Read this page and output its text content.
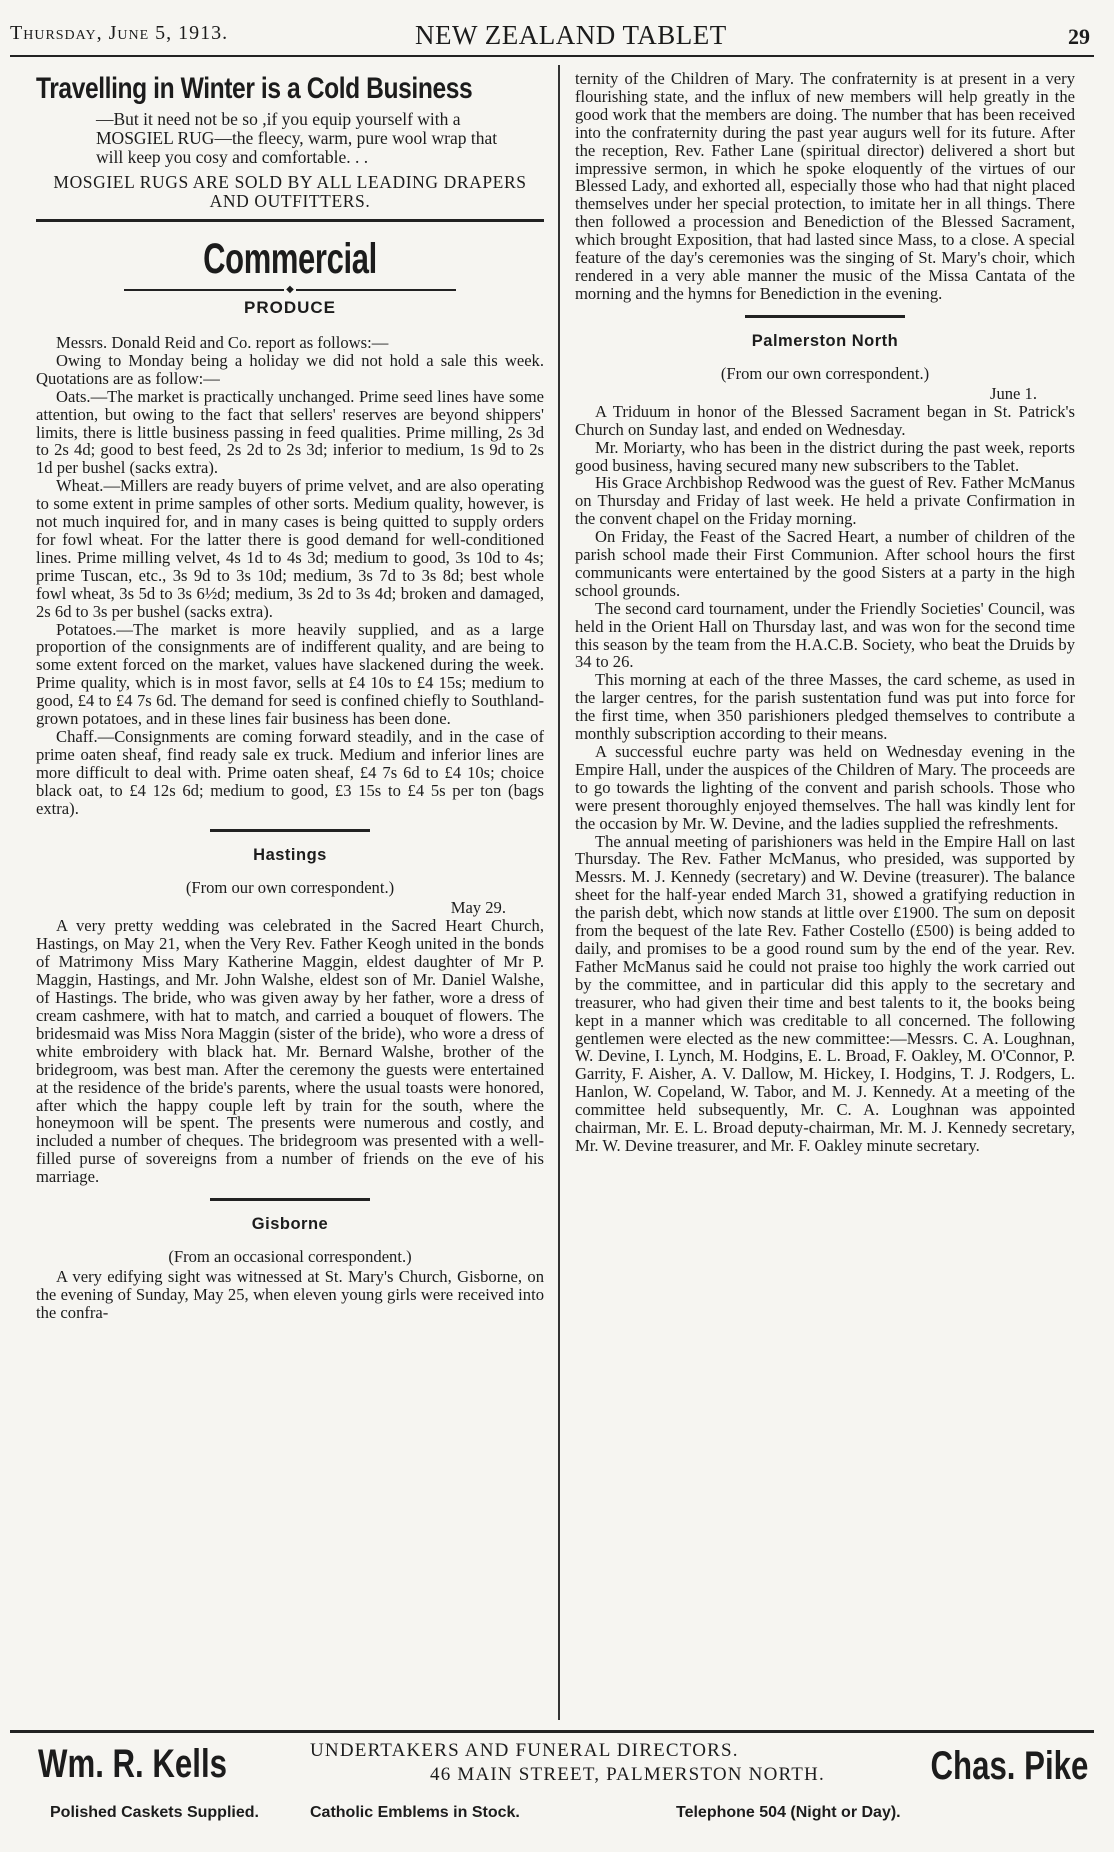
Thursday, June 5, 1913.	NEW ZEALAND TABLET	29
Travelling in Winter is a Cold Business

—But it need not be so ,if you equip yourself with a MOSGIEL RUG—the fleecy, warm, pure wool wrap that will keep you cosy and comfortable. . .

MOSGIEL RUGS ARE SOLD BY ALL LEADING DRAPERS AND OUTFITTERS.
Commercial
◆
PRODUCE

Messrs. Donald Reid and Co. report as follows:—

Owing to Monday being a holiday we did not hold a sale this week. Quotations are as follow:—

Oats.—The market is practically unchanged. Prime seed lines have some attention, but owing to the fact that sellers' reserves are beyond shippers' limits, there is little business passing in feed qualities. Prime milling, 2s 3d to 2s 4d; good to best feed, 2s 2d to 2s 3d; inferior to medium, 1s 9d to 2s 1d per bushel (sacks extra).

Wheat.—Millers are ready buyers of prime velvet, and are also operating to some extent in prime samples of other sorts. Medium quality, however, is not much inquired for, and in many cases is being quitted to supply orders for fowl wheat. For the latter there is good demand for well-conditioned lines. Prime milling velvet, 4s 1d to 4s 3d; medium to good, 3s 10d to 4s; prime Tuscan, etc., 3s 9d to 3s 10d; medium, 3s 7d to 3s 8d; best whole fowl wheat, 3s 5d to 3s 6½d; medium, 3s 2d to 3s 4d; broken and damaged, 2s 6d to 3s per bushel (sacks extra).

Potatoes.—The market is more heavily supplied, and as a large proportion of the consignments are of indifferent quality, and are being to some extent forced on the market, values have slackened during the week. Prime quality, which is in most favor, sells at £4 10s to £4 15s; medium to good, £4 to £4 7s 6d. The demand for seed is confined chiefly to Southland-grown potatoes, and in these lines fair business has been done.

Chaff.—Consignments are coming forward steadily, and in the case of prime oaten sheaf, find ready sale ex truck. Medium and inferior lines are more difficult to deal with. Prime oaten sheaf, £4 7s 6d to £4 10s; choice black oat, to £4 12s 6d; medium to good, £3 15s to £4 5s per ton (bags extra).

Hastings

(From our own correspondent.)

May 29.

A very pretty wedding was celebrated in the Sacred Heart Church, Hastings, on May 21, when the Very Rev. Father Keogh united in the bonds of Matrimony Miss Mary Katherine Maggin, eldest daughter of Mr P. Maggin, Hastings, and Mr. John Walshe, eldest son of Mr. Daniel Walshe, of Hastings. The bride, who was given away by her father, wore a dress of cream cashmere, with hat to match, and carried a bouquet of flowers. The bridesmaid was Miss Nora Maggin (sister of the bride), who wore a dress of white embroidery with black hat. Mr. Bernard Walshe, brother of the bridegroom, was best man. After the ceremony the guests were entertained at the residence of the bride's parents, where the usual toasts were honored, after which the happy couple left by train for the south, where the honeymoon will be spent. The presents were numerous and costly, and included a number of cheques. The bridegroom was presented with a well-filled purse of sovereigns from a number of friends on the eve of his marriage.

Gisborne

(From an occasional correspondent.)

A very edifying sight was witnessed at St. Mary's Church, Gisborne, on the evening of Sunday, May 25, when eleven young girls were received into the confra-

ternity of the Children of Mary. The confraternity is at present in a very flourishing state, and the influx of new members will help greatly in the good work that the members are doing. The number that has been received into the confraternity during the past year augurs well for its future. After the reception, Rev. Father Lane (spiritual director) delivered a short but impressive sermon, in which he spoke eloquently of the virtues of our Blessed Lady, and exhorted all, especially those who had that night placed themselves under her special protection, to imitate her in all things. There then followed a procession and Benediction of the Blessed Sacrament, which brought Exposition, that had lasted since Mass, to a close. A special feature of the day's ceremonies was the singing of St. Mary's choir, which rendered in a very able manner the music of the Missa Cantata of the morning and the hymns for Benediction in the evening.

Palmerston North

(From our own correspondent.)

June 1.

A Triduum in honor of the Blessed Sacrament began in St. Patrick's Church on Sunday last, and ended on Wednesday.

Mr. Moriarty, who has been in the district during the past week, reports good business, having secured many new subscribers to the Tablet.

His Grace Archbishop Redwood was the guest of Rev. Father McManus on Thursday and Friday of last week. He held a private Confirmation in the convent chapel on the Friday morning.

On Friday, the Feast of the Sacred Heart, a number of children of the parish school made their First Communion. After school hours the first communicants were entertained by the good Sisters at a party in the high school grounds.

The second card tournament, under the Friendly Societies' Council, was held in the Orient Hall on Thursday last, and was won for the second time this season by the team from the H.A.C.B. Society, who beat the Druids by 34 to 26.

This morning at each of the three Masses, the card scheme, as used in the larger centres, for the parish sustentation fund was put into force for the first time, when 350 parishioners pledged themselves to contribute a monthly subscription according to their means.

A successful euchre party was held on Wednesday evening in the Empire Hall, under the auspices of the Children of Mary. The proceeds are to go towards the lighting of the convent and parish schools. Those who were present thoroughly enjoyed themselves. The hall was kindly lent for the occasion by Mr. W. Devine, and the ladies supplied the refreshments.

The annual meeting of parishioners was held in the Empire Hall on last Thursday. The Rev. Father McManus, who presided, was supported by Messrs. M. J. Kennedy (secretary) and W. Devine (treasurer). The balance sheet for the half-year ended March 31, showed a gratifying reduction in the parish debt, which now stands at little over £1900. The sum on deposit from the bequest of the late Rev. Father Costello (£500) is being added to daily, and promises to be a good round sum by the end of the year. Rev. Father McManus said he could not praise too highly the work carried out by the committee, and in particular did this apply to the secretary and treasurer, who had given their time and best talents to it, the books being kept in a manner which was creditable to all concerned. The following gentlemen were elected as the new committee:—Messrs. C. A. Loughnan, W. Devine, I. Lynch, M. Hodgins, E. L. Broad, F. Oakley, M. O'Connor, P. Garrity, F. Aisher, A. V. Dallow, M. Hickey, I. Hodgins, T. J. Rodgers, L. Hanlon, W. Copeland, W. Tabor, and M. J. Kennedy. At a meeting of the committee held subsequently, Mr. C. A. Loughnan was appointed chairman, Mr. E. L. Broad deputy-chairman, Mr. M. J. Kennedy secretary, Mr. W. Devine treasurer, and Mr. F. Oakley minute secretary.

Wm. R. Kells	UNDERTAKERS AND FUNERAL DIRECTORS.
46 MAIN STREET, PALMERSTON NORTH.	Chas. Pike
Polished Caskets Supplied.	Catholic Emblems in Stock.	Telephone 504 (Night or Day).
